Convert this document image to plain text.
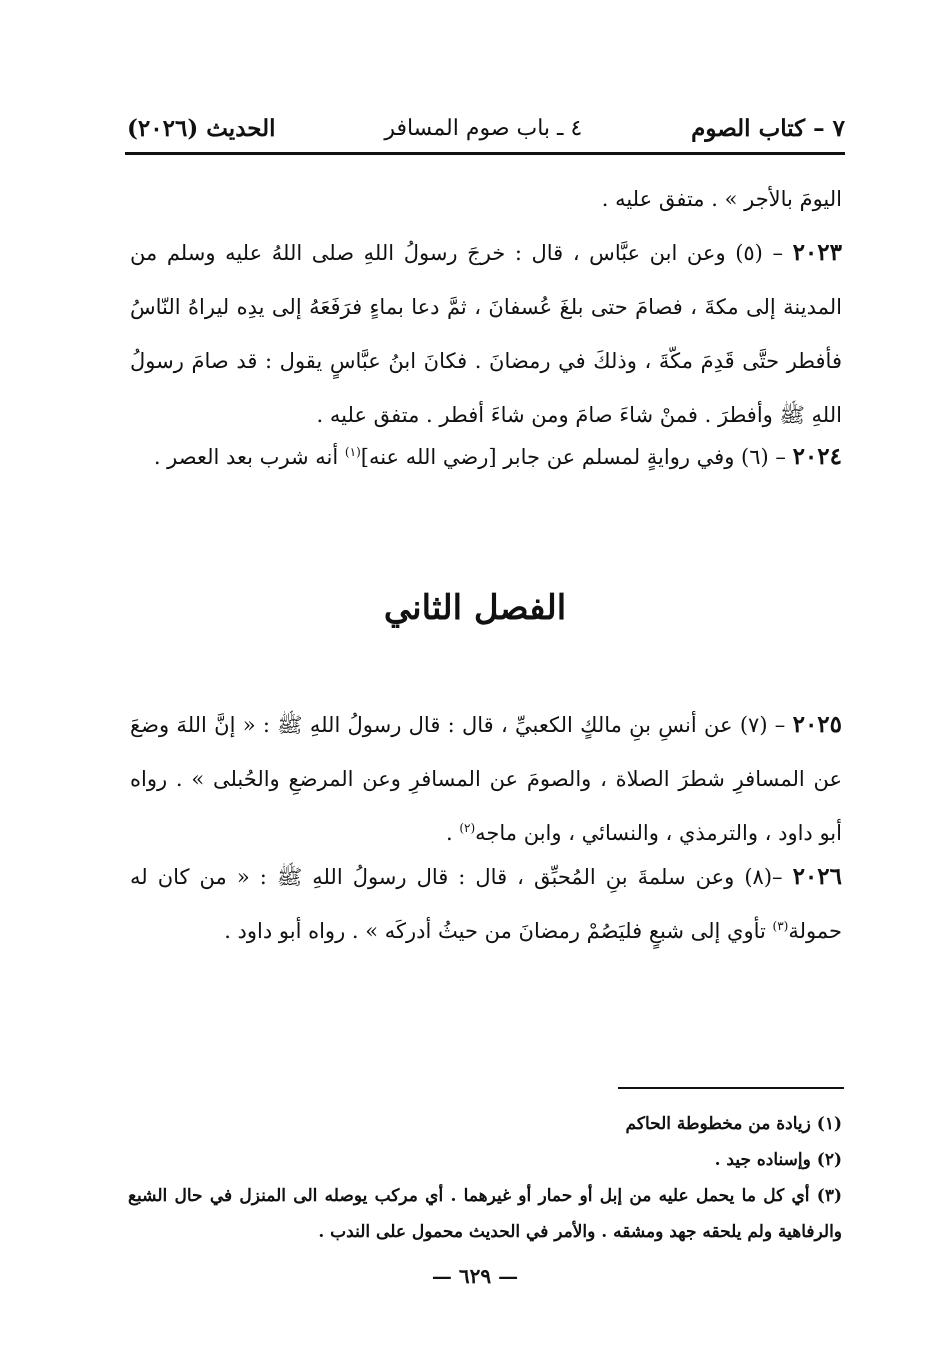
٧ – كتاب الصوم
٤ ـ باب صوم المسافر
الحديث (٢٠٢٦)
اليومَ بالأجر » . متفق عليه .
٢٠٢٣ – (٥) وعن ابن عبَّاس ، قال : خرجَ رسولُ اللهِ صلى اللهُ عليه وسلم من المدينة إلى مكةَ ، فصامَ حتى بلغَ عُسفانَ ، ثمَّ دعا بماءٍ فرَفَعَهُ إلى يدِه ليراهُ النّاسُ فأفطر حتَّى قَدِمَ مكّةَ ، وذلكَ في رمضانَ . فكانَ ابنُ عبَّاسٍ يقول : قد صامَ رسولُ اللهِ ﷺ وأفطرَ . فمنْ شاءَ صامَ ومن شاءَ أفطر . متفق عليه .
٢٠٢٤ – (٦) وفي روايةٍ لمسلم عن جابر [رضي الله عنه]$^{(١)}$ أنه شرب بعد العصر .
الفصل الثاني
٢٠٢٥ – (٧) عن أنسِ بنِ مالكٍ الكعبيِّ ، قال : قال رسولُ اللهِ ﷺ : « إنَّ اللهَ وضعَ عن المسافرِ شطرَ الصلاة ، والصومَ عن المسافرِ وعن المرضعِ والحُبلى » . رواه أبو داود ، والترمذي ، والنسائي ، وابن ماجه$^{(٢)}$ .
٢٠٢٦ –(٨) وعن سلمةَ بنِ المُحبِّق ، قال : قال رسولُ اللهِ ﷺ : « من كان له حمولة$^{(٣)}$ تأوي إلى شبعٍ فليَصُمْ رمضانَ من حيثُ أدركَه » . رواه أبو داود .

(١) زيادة من مخطوطة الحاكم

(٢) وإسناده جيد .

(٣) أي كل ما يحمل عليه من إبل أو حمار أو غيرهما . أي مركب يوصله الى المنزل في حال الشبع والرفاهية ولم يلحقه جهد ومشقه . والأمر في الحديث محمول على الندب .

— ٦٢٩ —
